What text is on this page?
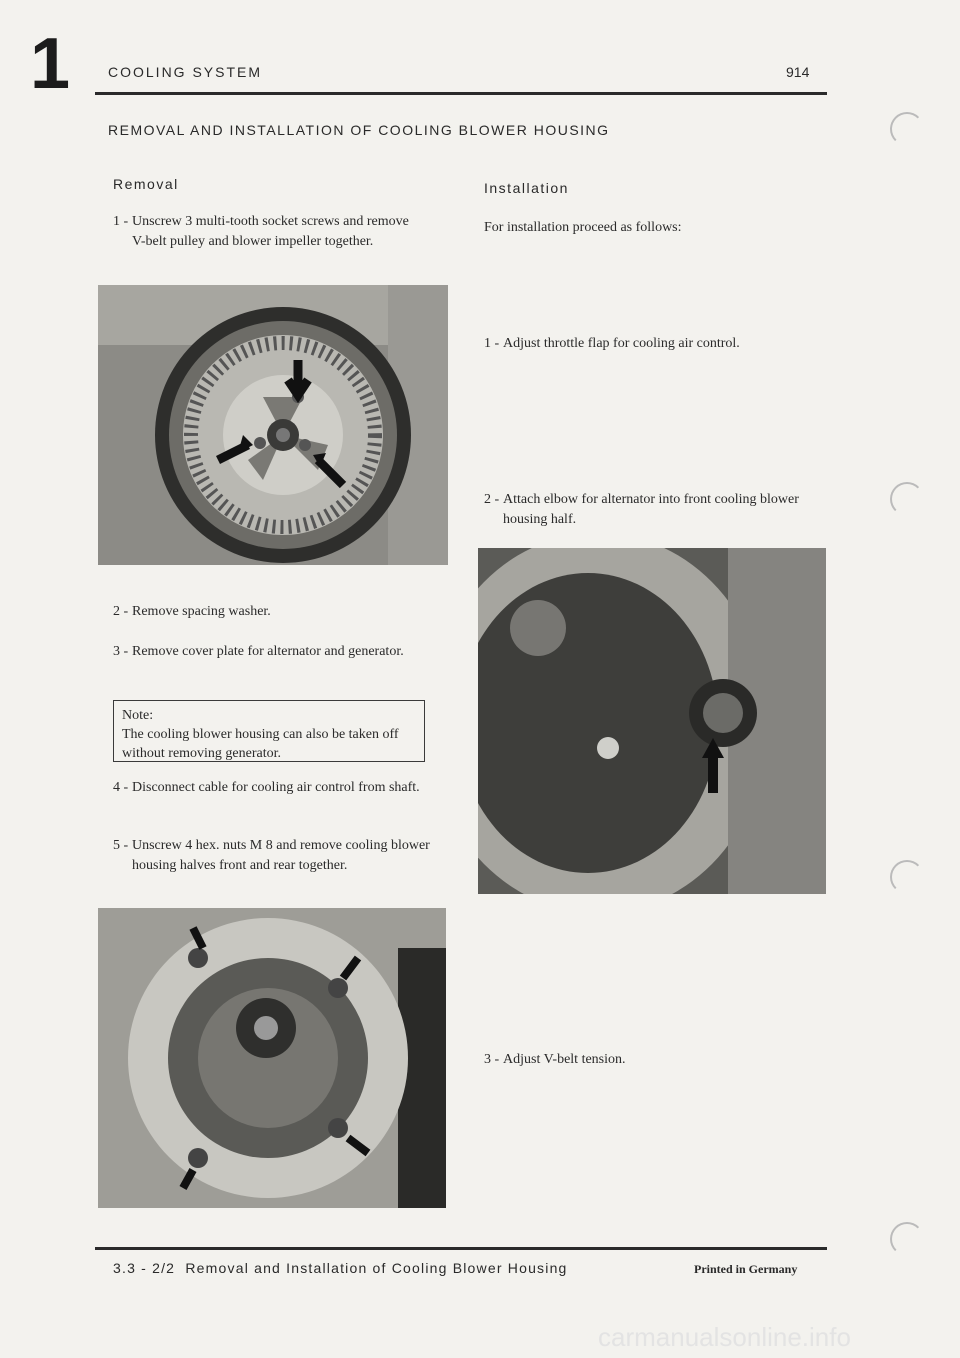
1	COOLING SYSTEM	914
REMOVAL AND INSTALLATION OF COOLING BLOWER HOUSING
Removal
1 - Unscrew 3 multi-tooth socket screws and remove V-belt pulley and blower impeller together.
2 - Remove spacing washer.
3 - Remove cover plate for alternator and generator.
Note:
The cooling blower housing can also be taken off without removing generator.
4 - Disconnect cable for cooling air control from shaft.
5 - Unscrew 4 hex. nuts M 8 and remove cooling blower housing halves front and rear together.
Installation
For installation proceed as follows:
1 - Adjust throttle flap for cooling air control.
2 - Attach elbow for alternator into front cooling blower housing half.
3 - Adjust V-belt tension.
3.3 - 2/2 Removal and Installation of Cooling Blower Housing	Printed in Germany
carmanualsonline.info
